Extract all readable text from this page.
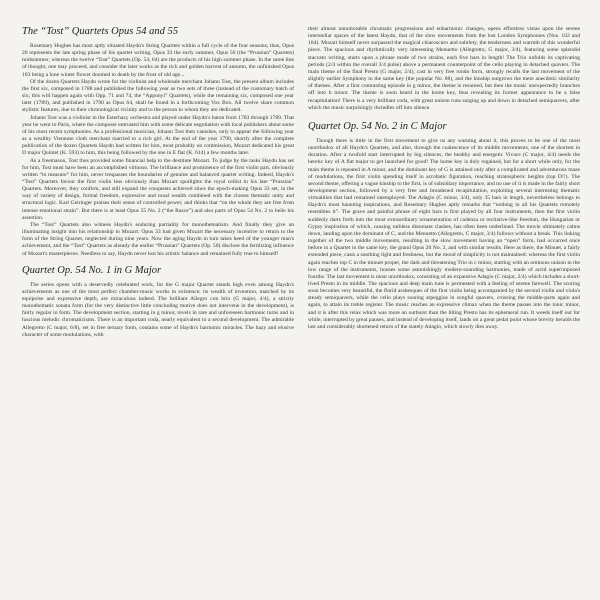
The “Tost” Quartets Opus 54 and 55

Rosemary Hughes has most aptly situated Haydn's String Quartets within a full cycle of the four seasons; thus, Opus 20 represents the late spring phase of his quartet writing, Opus 33 the early summer, Opus 50 (the “Prussian” Quartets) midsummer, whereas the twelve “Tost” Quartets (Op. 54, 64) are the products of his high summer phase. In the same line of thought, one may proceed, and consider the later works as the rich and golden harvest of autumn, the unfinished Opus 103 being a lone winter flower doomed to death by the frost of old age...

Of the dozen Quartets Haydn wrote for the violinist and wholesale merchant Johann Tost, the present album includes the first six, composed in 1788 and published the following year as two sets of three (instead of the customary batch of six; this will happen again with Opp. 71 and 74, the “Apponyi” Quartets), while the remaining six, composed one year later (1789), and published in 1790 as Opus 64, shall be found in a forthcoming Vox Box. All twelve share common stylistic features, due to their chronological vicinity and to the person to whom they are dedicated.

Johann Tost was a violinist in the Esterhazy orchestra and played under Haydn's baton from 1783 through 1789. That year he went to Paris, where the composer entrusted him with some delicate negotiation with local publishers about some of his most recent symphonies. As a professional musician, Johann Tost then vanishes, only to appear the following year as a wealthy Viennese cloth merchant married to a rich girl. At the end of the year 1790, shortly after the complete publication of the dozen Quartets Haydn had written for him, most probably on commission, Mozart dedicated his great D major Quintet (K. 593) to him, this being followed by the one in E flat (K. 614) a few months later.

As a freemason, Tost thus provided some financial help to the destitute Mozart. To judge by the tasks Haydn has set for him, Tost must have been an accomplished virtuoso. The brilliance and prominence of the first violin part, obviously written “to measure” for him, never trespasses the boundaries of genuine and balanced quartet writing. Indeed, Haydn's “Tost” Quartets favour the first violin less obviously than Mozart spotlights the royal cellist in his late “Prussian” Quartets. Moreover, they confirm, and still expand the conquests achieved since the epoch-making Opus 33 set, in the way of variety of design, formal freedom, expressive and tonal wealth combined with the closest thematic unity and structural logic. Karl Geiringer praises their sense of controlled power, and thinks that “on the whole they are free from intense emotional strain”. But there is at least Opus 55 No. 2 (“the Razor”) and also parts of Opus 54 No. 2 to belie his assertion.

The “Tost” Quartets also witness Haydn's enduring partiality for monothematism. And finally they give an illuminating insight into his relationship to Mozart: Opus 33 had given Mozart the necessary incentive to return to the form of the String Quartet, neglected during nine years. Now the aging Haydn in turn takes heed of the younger man's achievement, and the “Tost” Quartets as already the earlier “Prussian” Quartets (Op. 50) disclose the fertilizing influence of Mozart's masterpieces. Needless to say, Haydn never lost his artistic balance and remained fully true to himself!

Quartet Op. 54 No. 1 in G Major

The series opens with a deservedly celebrated work, for the G major Quartet stands high even among Haydn's achievements as one of the most perfect chamber-music works in existence; its wealth of invention, matched by its equipoise and expressive depth, are miraculous indeed. The brilliant Allegro con brio (G major, 4/4), a strictly monothematic sonata form (for the very distinctive little concluding motive does not intervene in the development), is fairly regular in form. The development section, starting in g minor, revels in rare and unforeseen harmonic turns and in luscious melodic chromaticisms. There is an important coda, nearly equivalent to a second development. The admirable Allegretto (C major, 6/8), set in free ternary form, contains some of Haydn's harmonic miracles. The hazy and elusive character of some modulations, with

their almost unnoticeable chromatic progressions and enharmonic changes, opens effortless vistas upon the serene interstellar spaces of the latest Haydn, that of the slow movements from the lost London Symphonies (Nos. 102 and 104). Mozart himself never surpassed the magical chiaroscuro and subtlety, the tenderness and warmth of this wonderful piece. The spacious and rhythmically very interesting Menuetto (Allegretto, G major, 3/4), featuring some splendid staccato writing, starts upon a phrase made of two strains, each five bars in length! The Trio unfolds its captivating periods (2/4 within the overall 3/4 pulse) above a permanent counterpoint of the cello playing in detached quavers. The main theme of the final Presto (G major, 2/4), cast in very free rondo form, strongly recalls the last movement of the slightly earlier Symphony in the same key (the popular No. 88), and the kinship outgrows the mere anecdotic similarity of themes. After a first contrasting episode in g minor, the theme is resumed, but then the music unexpectedly branches off into b minor. The theme is soon heard in the home key, thus revealing its former appearance to be a false recapitulation! There is a very brilliant coda, with great unison runs surging up and down in detached semiquavers, after which the music surprisingly dwindles off into silence.

Quartet Op. 54 No. 2 in C Major

Though there is little in the first movement to give us any warning about it, this proves to be one of the most unorthodox of all Haydn's Quartets, and also, through the coalescence of its middle movements, one of the shortest in duration. After a twofold start interrupted by big silences, the healthy and energetic Vivace (C major, 4/4) needs the heretic key of A flat major to get launched for good! The home key is duly regained, but for a short while only, for the main theme is repeated in A minor, and the dominant key of G is attained only after a complicated and adventurous maze of modulations, the first violin spending itself in acrobatic figuration, reaching stratospheric heights (top D!!). The second theme, offering a vague kinship to the first, is of subsidiary importance, and no use of it is made in the fairly short development section, followed by a very free and broadened recapitulation, exploiting several interesting thematic virtualities that had remained unemployed. The Adagio (C minor, 3/4), only 35 bars in length, nevertheless belongs to Haydn's most haunting inspirations, and Rosemary Hughes aptly remarks that “nothing in all his Quartets remotely resembles it”. The grave and painful phrase of eight bars is first played by all four instruments, then the first violin suddenly darts forth into the most extraordinary ornamentation of cadenza or recitative-like freedom, the Hungarian or Gypsy inspiration of which, causing ruthless dissonant clashes, has often been underlined. The movie ultimately calms down, landing upon the dominant of C, and the Menuetto (Allegretto, C major, 3/4) follows without a break. This linking together of the two middle movements, resulting in the slow movement having an “open” form, had occurred once before in a Quartet in the same key, the grand Opus 20 No. 2, and with similar results. Here as there, the Minuet, a fairly extended piece, casts a soothing light and freshness, but the mood of simplicity is not maintained: whereas the first violin again reaches top C in the minuet proper, the dark and threatening Trio in c minor, starting with an ominous unison in the low range of the instruments, houses some astonishingly modern-sounding harmonies, made of acrid superimposed fourths. The last movement is most unorthodox, consisting of an expansive Adagio (C major, 2/4) which includes a short-lived Presto in its middle. The spacious and deep main tune is permeated with a feeling of serene farewell. The scoring soon becomes very beautiful, the florid arabesques of the first violin being accompanied by the second violin and viola's steady semiquavers, while the cello plays soaring arpeggios in songful quavers, crossing the middle-parts again and again, to attain its treble register. The music reaches an expressive climax when the theme passes into the tonic minor, and it is after this relax which was more an outburst than the lilting Presto has its ephemeral run. It weeds itself out for while, interrupted by great pauses, and instead of developing itself, lands on a great pedal point whose brevity heralds the last and considerably shortened return of the stately Adagio, which slowly dies away.
